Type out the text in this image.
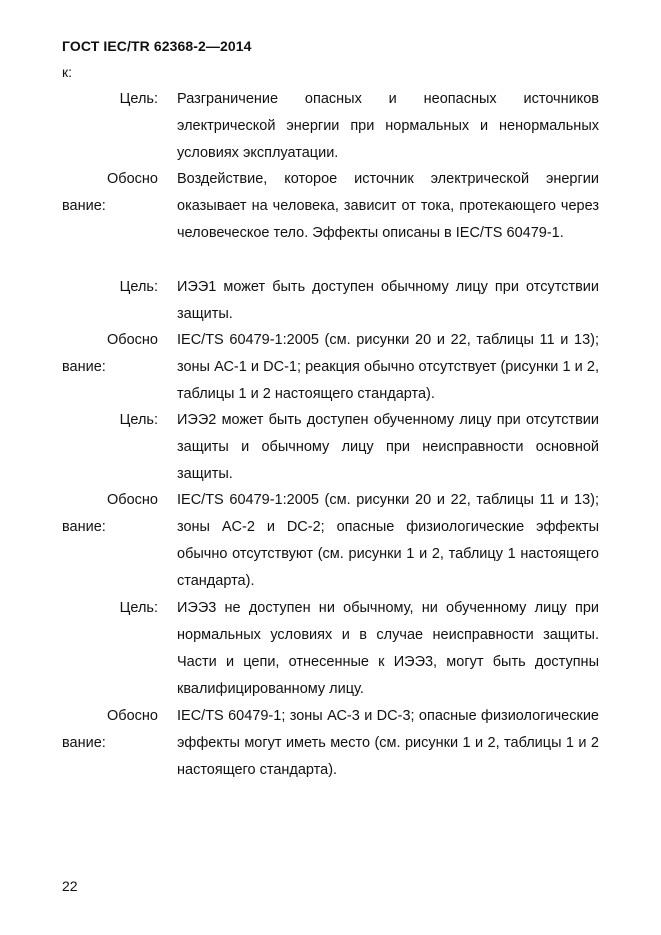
ГОСТ IEC/TR 62368-2—2014
к:
Цель: Разграничение опасных и неопасных источников электрической энергии при нормальных и ненормальных условиях эксплуатации.

Обосно
вание:

Воздействие, которое источник электрической энергии оказывает на человека, зависит от тока, протекающего через человеческое тело. Эффекты описаны в IEC/TS 60479-1.

Цель: ИЭЭ1 может быть доступен обычному лицу при отсутствии защиты.

Обосно
вание:

IEC/TS 60479-1:2005 (см. рисунки 20 и 22, таблицы 11 и 13); зоны АС-1 и DC-1; реакция обычно отсутствует (рисунки 1 и 2, таблицы 1 и 2 настоящего стандарта).

Цель: ИЭЭ2 может быть доступен обученному лицу при отсутствии защиты и обычному лицу при неисправности основной защиты.

Обосно
вание:

IEC/TS 60479-1:2005 (см. рисунки 20 и 22, таблицы 11 и 13); зоны AC-2 и DC-2; опасные физиологические эффекты обычно отсутствуют (см. рисунки 1 и 2, таблицу 1 настоящего стандарта).

Цель: ИЭЭ3 не доступен ни обычному, ни обученному лицу при нормальных условиях и в случае неисправности защиты. Части и цепи, отнесенные к ИЭЭ3, могут быть доступны квалифицированному лицу.

Обосно
вание:

IEC/TS 60479-1; зоны АС-3 и DC-3; опасные физиологические эффекты могут иметь место (см. рисунки 1 и 2, таблицы 1 и 2 настоящего стандарта).

22
